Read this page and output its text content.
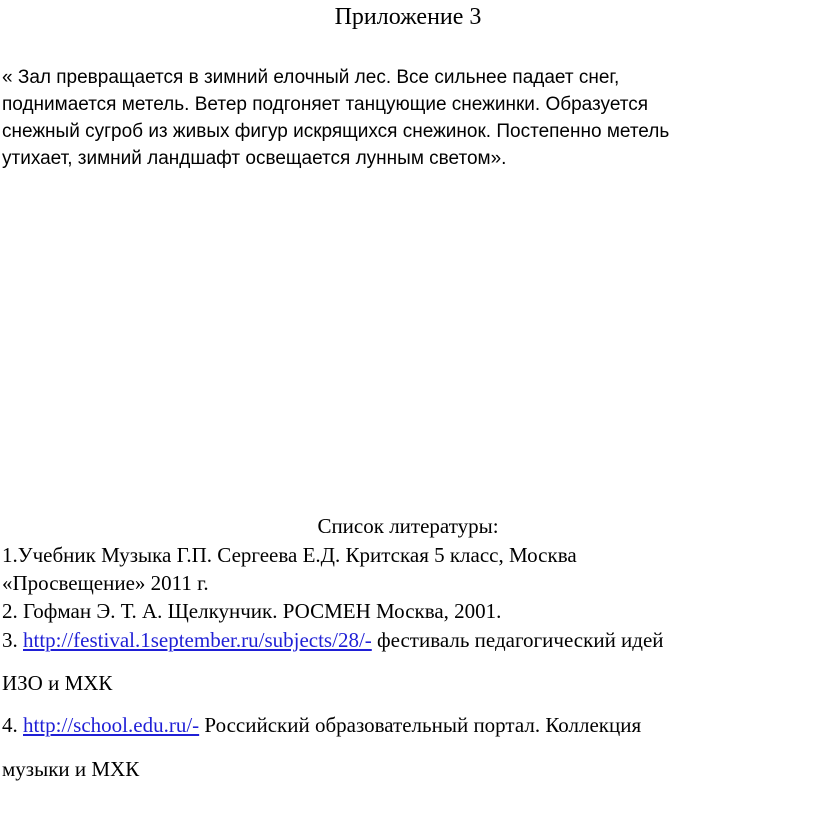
Приложение 3
« Зал превращается в зимний елочный лес. Все сильнее падает снег,
поднимается метель. Ветер подгоняет танцующие снежинки. Образуется
снежный сугроб из живых фигур искрящихся снежинок. Постепенно метель
утихает, зимний ландшафт освещается лунным светом».
Список литературы:
1.Учебник Музыка Г.П. Сергеева Е.Д. Критская 5 класс, Москва
«Просвещение» 2011 г.
2. Гофман Э. Т. А. Щелкунчик. РОСМЕН Москва, 2001.
3. http://festival.1september.ru/subjects/28/- фестиваль педагогический идей
ИЗО и МХК
4. http://school.edu.ru/- Российский образовательный портал. Коллекция
музыки и МХК
